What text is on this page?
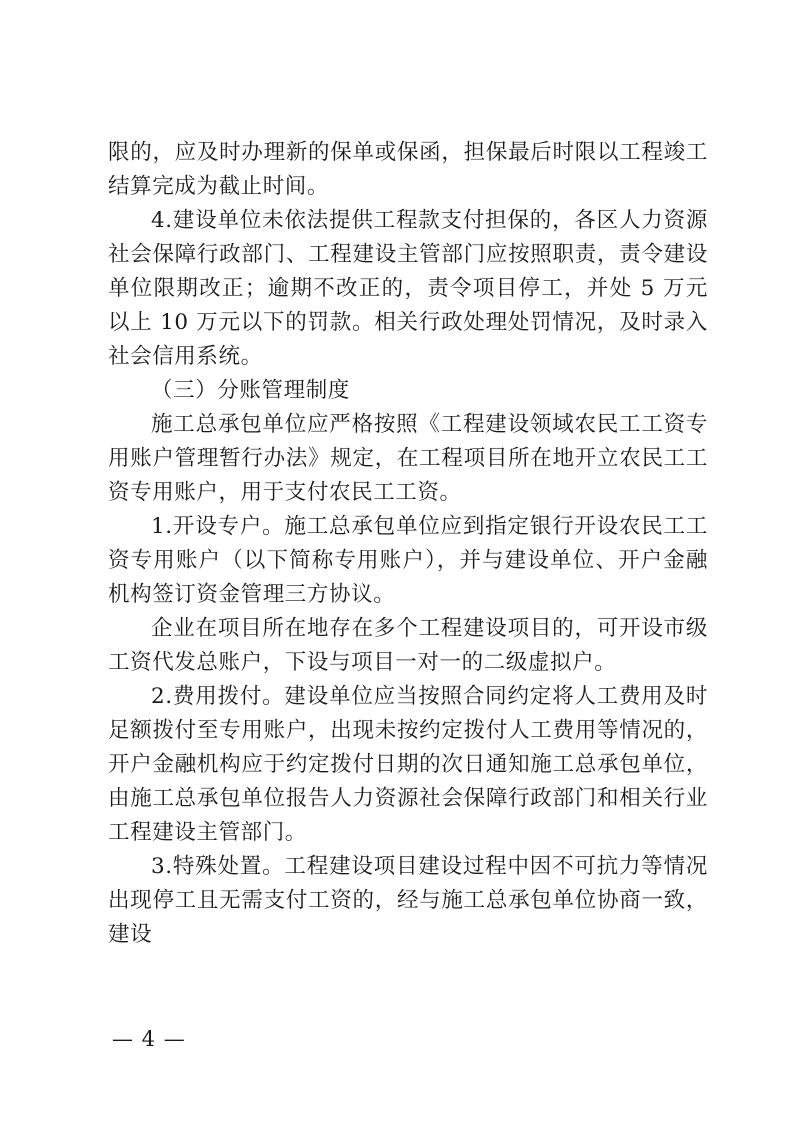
限的，应及时办理新的保单或保函，担保最后时限以工程竣工结算完成为截止时间。

4.建设单位未依法提供工程款支付担保的，各区人力资源社会保障行政部门、工程建设主管部门应按照职责，责令建设单位限期改正；逾期不改正的，责令项目停工，并处 5 万元以上 10 万元以下的罚款。相关行政处理处罚情况，及时录入社会信用系统。

（三）分账管理制度

施工总承包单位应严格按照《工程建设领域农民工工资专用账户管理暂行办法》规定，在工程项目所在地开立农民工工资专用账户，用于支付农民工工资。

1.开设专户。施工总承包单位应到指定银行开设农民工工资专用账户（以下简称专用账户），并与建设单位、开户金融机构签订资金管理三方协议。

企业在项目所在地存在多个工程建设项目的，可开设市级工资代发总账户，下设与项目一对一的二级虚拟户。

2.费用拨付。建设单位应当按照合同约定将人工费用及时足额拨付至专用账户，出现未按约定拨付人工费用等情况的，开户金融机构应于约定拨付日期的次日通知施工总承包单位，由施工总承包单位报告人力资源社会保障行政部门和相关行业工程建设主管部门。

3.特殊处置。工程建设项目建设过程中因不可抗力等情况出现停工且无需支付工资的，经与施工总承包单位协商一致，建设

— 4 —
